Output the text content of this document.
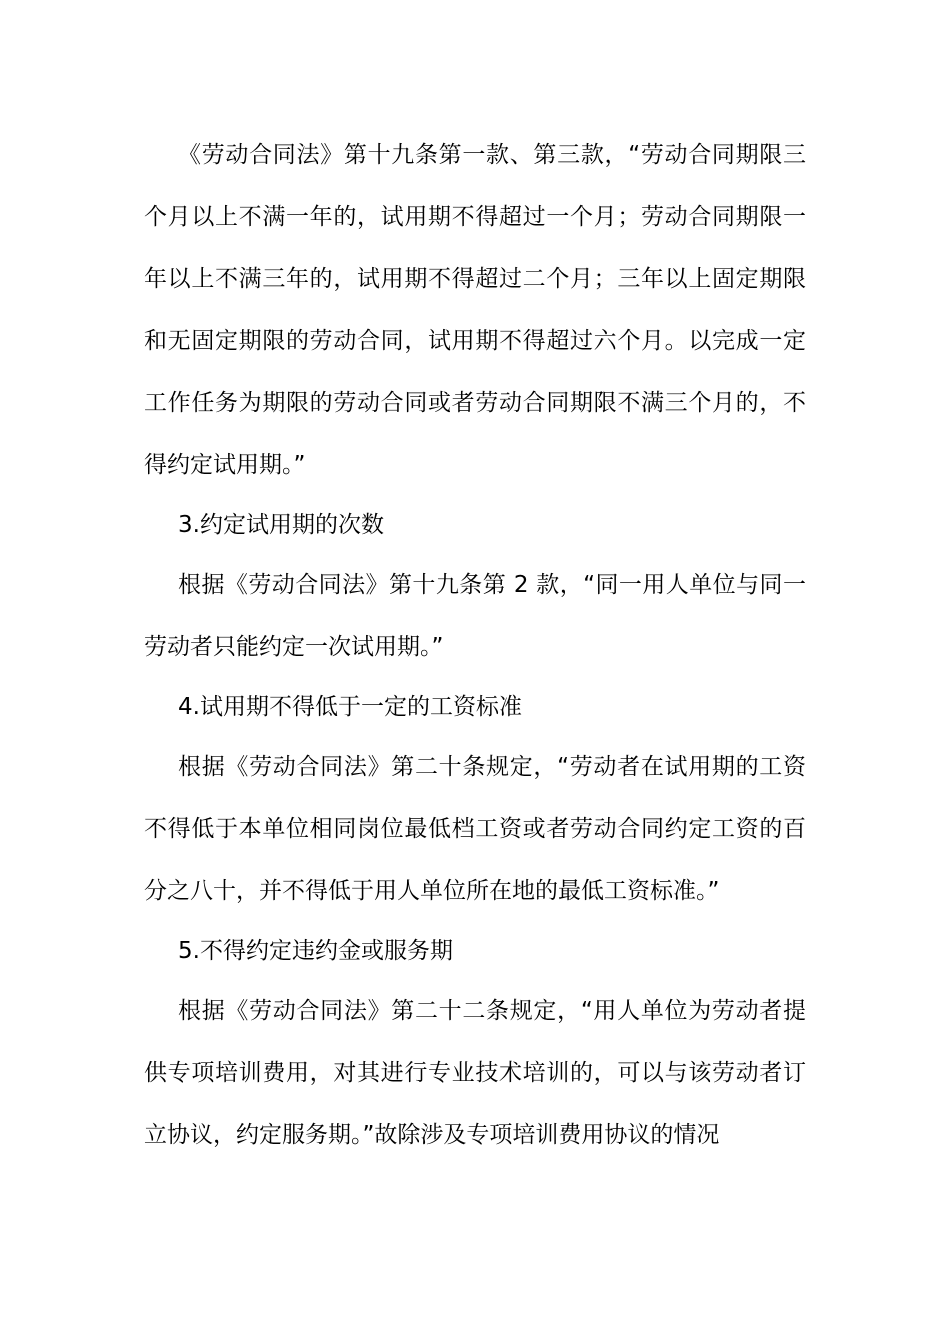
《劳动合同法》第十九条第一款、第三款，“劳动合同期限三个月以上不满一年的，试用期不得超过一个月；劳动合同期限一年以上不满三年的，试用期不得超过二个月；三年以上固定期限和无固定期限的劳动合同，试用期不得超过六个月。以完成一定工作任务为期限的劳动合同或者劳动合同期限不满三个月的，不得约定试用期。”

3.约定试用期的次数

根据《劳动合同法》第十九条第 2 款，“同一用人单位与同一劳动者只能约定一次试用期。”

4.试用期不得低于一定的工资标准

根据《劳动合同法》第二十条规定，“劳动者在试用期的工资不得低于本单位相同岗位最低档工资或者劳动合同约定工资的百分之八十，并不得低于用人单位所在地的最低工资标准。”

5.不得约定违约金或服务期

根据《劳动合同法》第二十二条规定，“用人单位为劳动者提供专项培训费用，对其进行专业技术培训的，可以与该劳动者订立协议，约定服务期。”故除涉及专项培训费用协议的情况
